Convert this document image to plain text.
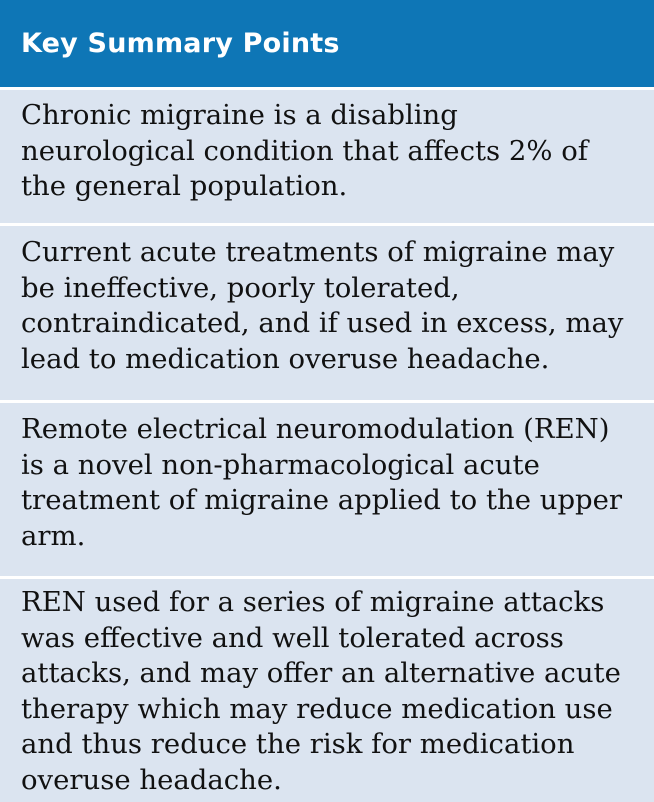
Key Summary Points
Chronic migraine is a disabling neurological condition that affects 2% of the general population.
Current acute treatments of migraine may be ineffective, poorly tolerated, contraindicated, and if used in excess, may lead to medication overuse headache.
Remote electrical neuromodulation (REN) is a novel non-pharmacological acute treatment of migraine applied to the upper arm.
REN used for a series of migraine attacks was effective and well tolerated across attacks, and may offer an alternative acute therapy which may reduce medication use and thus reduce the risk for medication overuse headache.
